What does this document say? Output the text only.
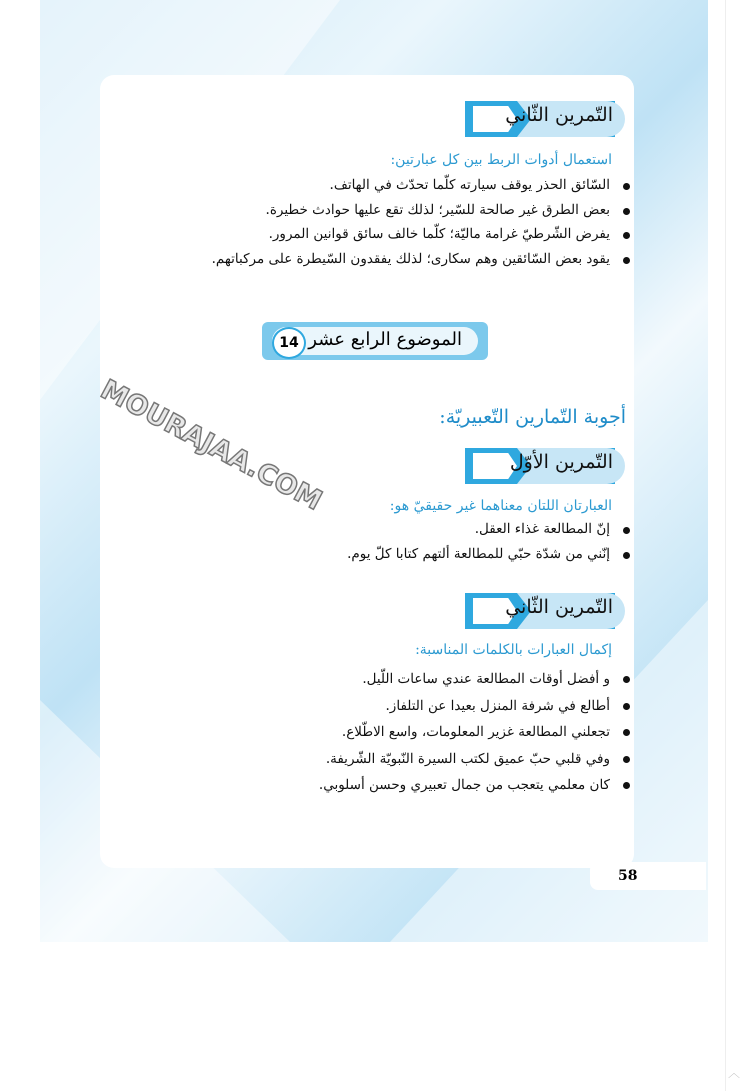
التّمرين الثّاني
استعمال أدوات الربط بين كل عبارتين:
السّائق الحذر يوقف سيارته كلّما تحدّث في الهاتف.
بعض الطرق غير صالحة للسّير؛ لذلك تقع عليها حوادث خطيرة.
يفرض الشّرطيّ غرامة ماليّة؛ كلّما خالف سائق قوانين المرور.
يقود بعض السّائقين وهم سكارى؛ لذلك يفقدون السّيطرة على مركباتهم.
الموضوع الرابع عشر
14
MOURAJAA.COM	أجوبة التّمارين التّعبيريّة:
التّمرين الأوّل
العبارتان اللتان معناهما غير حقيقيّ هو:
إنّ المطالعة غذاء العقل.
إنّني من شدّة حبّي للمطالعة ألتهم كتابا كلّ يوم.
التّمرين الثّاني
إكمال العبارات بالكلمات المناسبة:
و أفضل أوقات المطالعة عندي ساعات اللّيل.
أطالع في شرفة المنزل بعيدا عن التلفاز.
تجعلني المطالعة غزير المعلومات، واسع الاطّلاع.
وفي قلبي حبّ عميق لكتب السيرة النّبويّة الشّريفة.
كان معلمي يتعجب من جمال تعبيري وحسن أسلوبي.
58
︿
